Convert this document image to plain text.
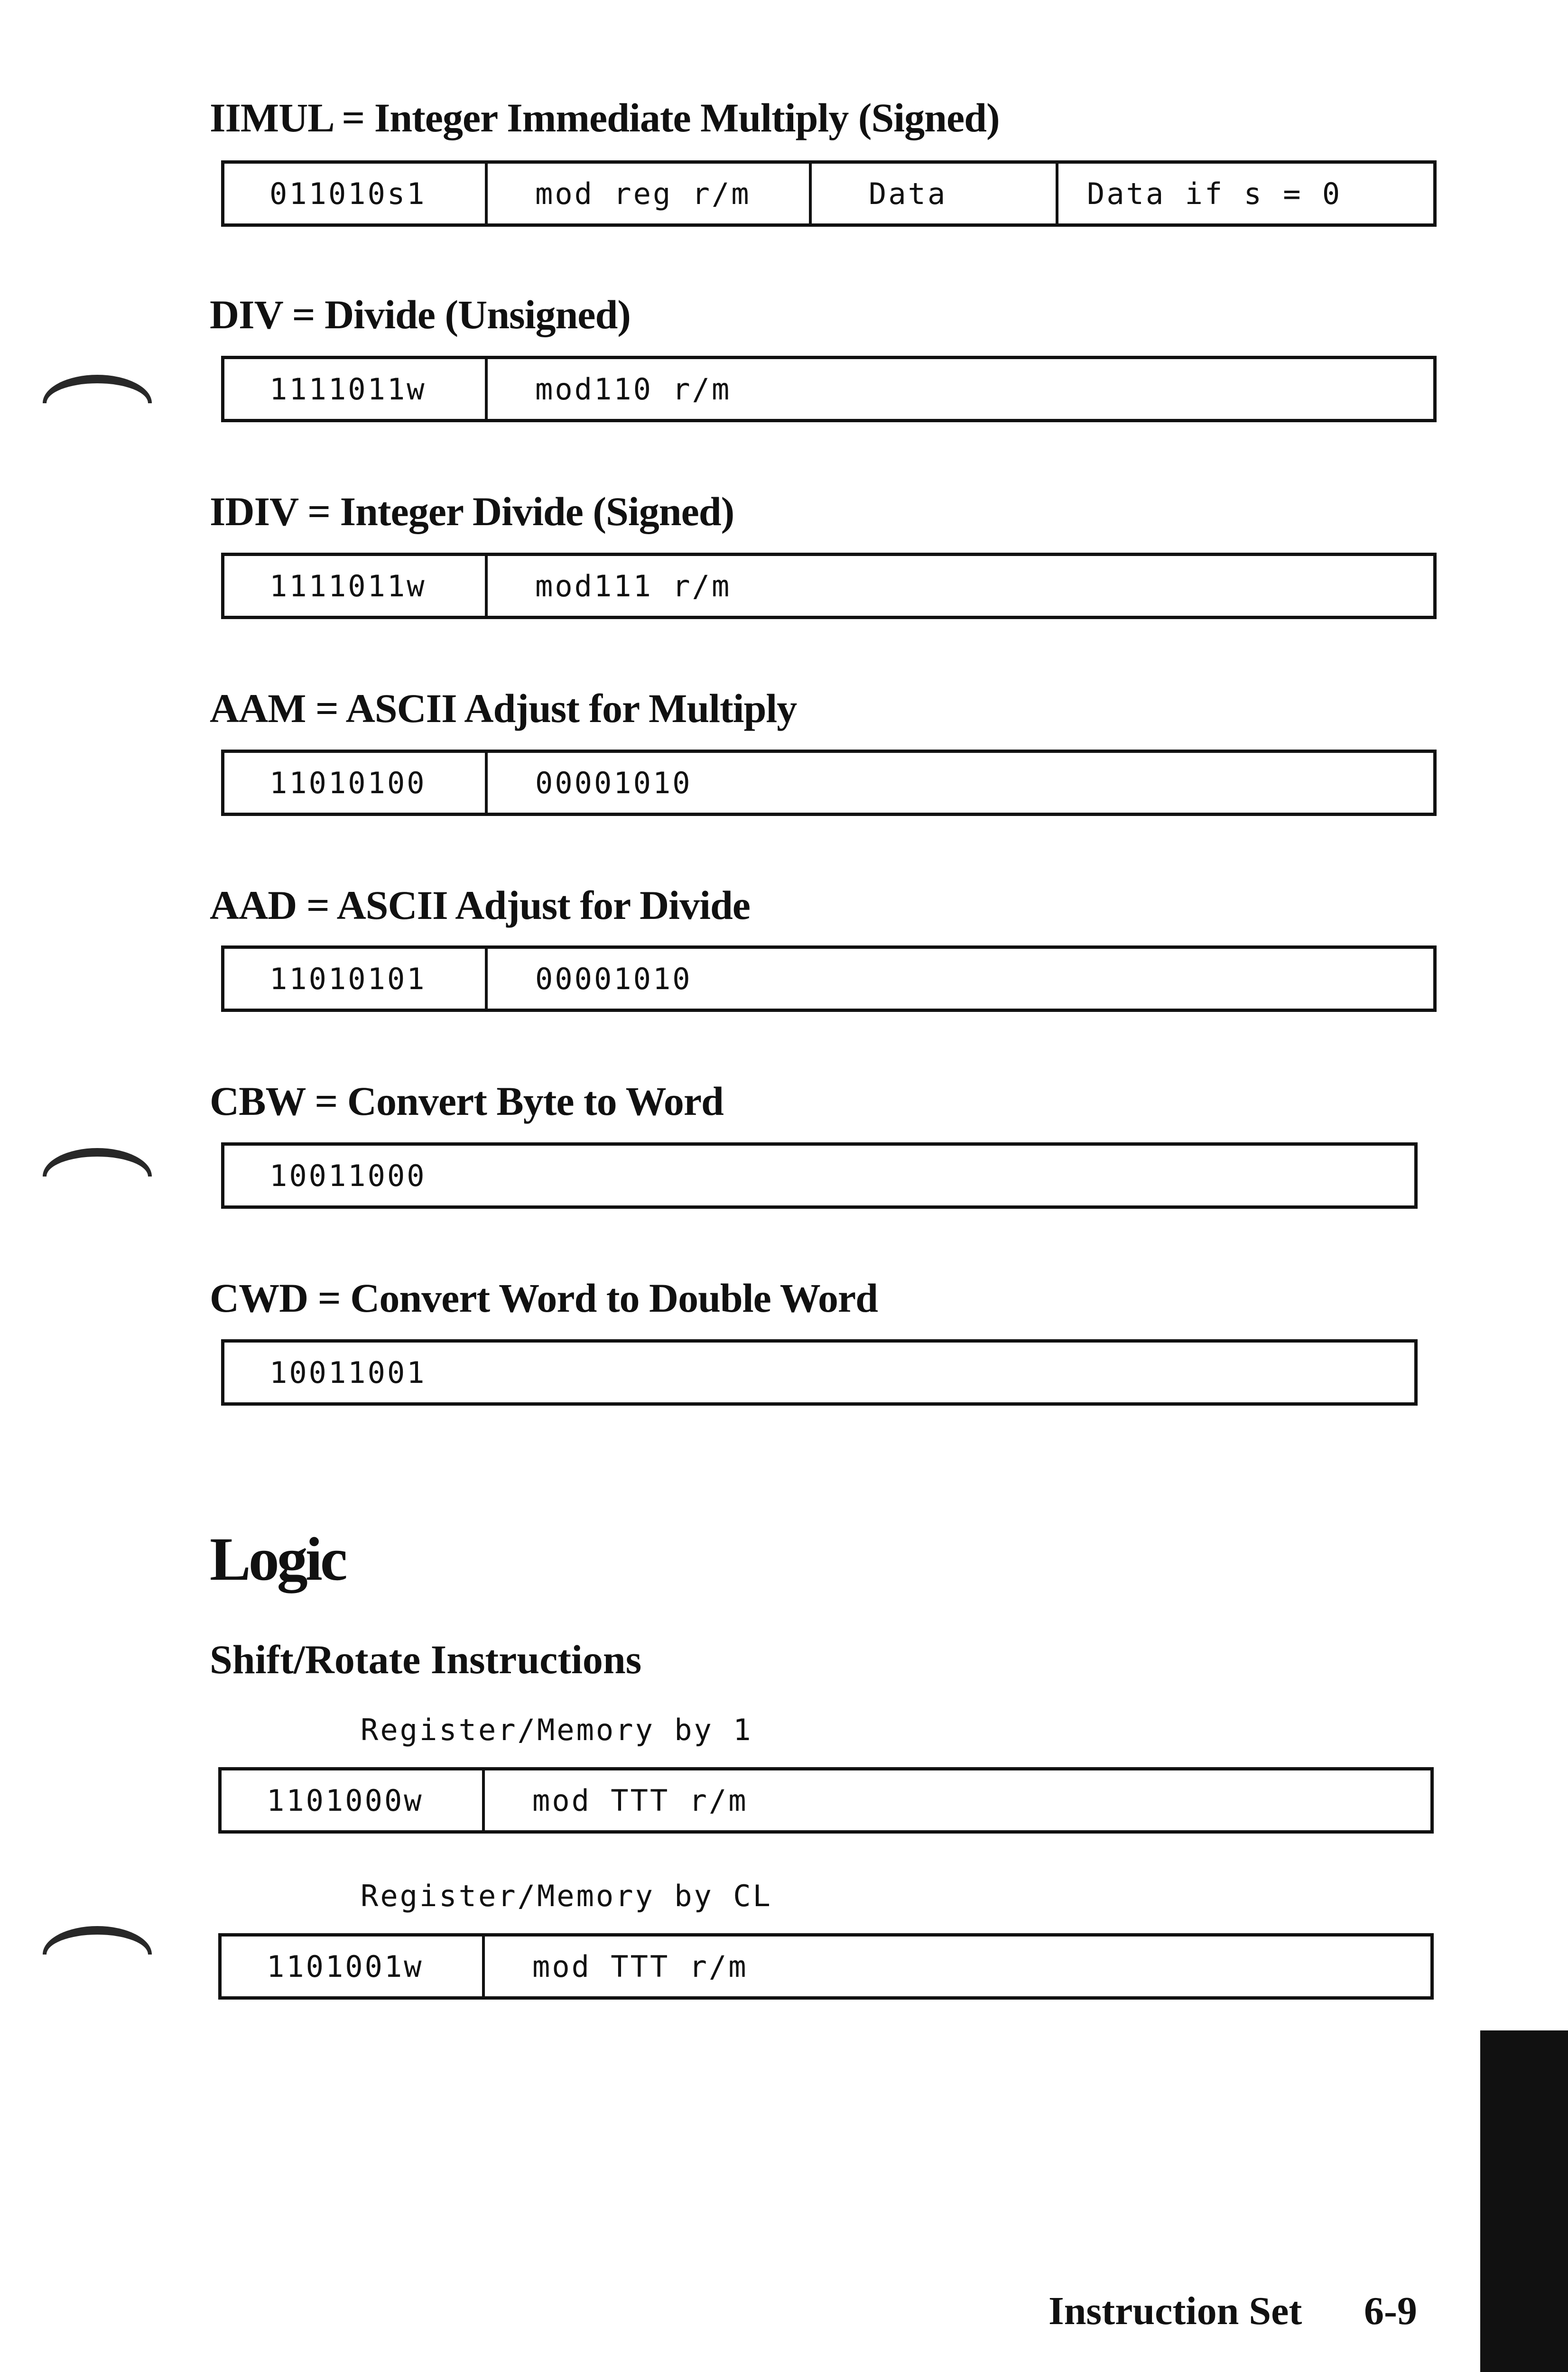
IIMUL = Integer Immediate Multiply (Signed)
011010s1	mod reg r/m	Data	Data if s = 0
DIV = Divide (Unsigned)
1111011w	mod110 r/m
IDIV = Integer Divide (Signed)
1111011w	mod111 r/m
AAM = ASCII Adjust for Multiply
11010100	00001010
AAD = ASCII Adjust for Divide
11010101	00001010
CBW = Convert Byte to Word
10011000
CWD = Convert Word to Double Word
10011001
Logic
Shift/Rotate Instructions
Register/Memory by 1
1101000w	mod TTT r/m
Register/Memory by CL
1101001w	mod TTT r/m
SECTION 6	Instruction Set 6-9
